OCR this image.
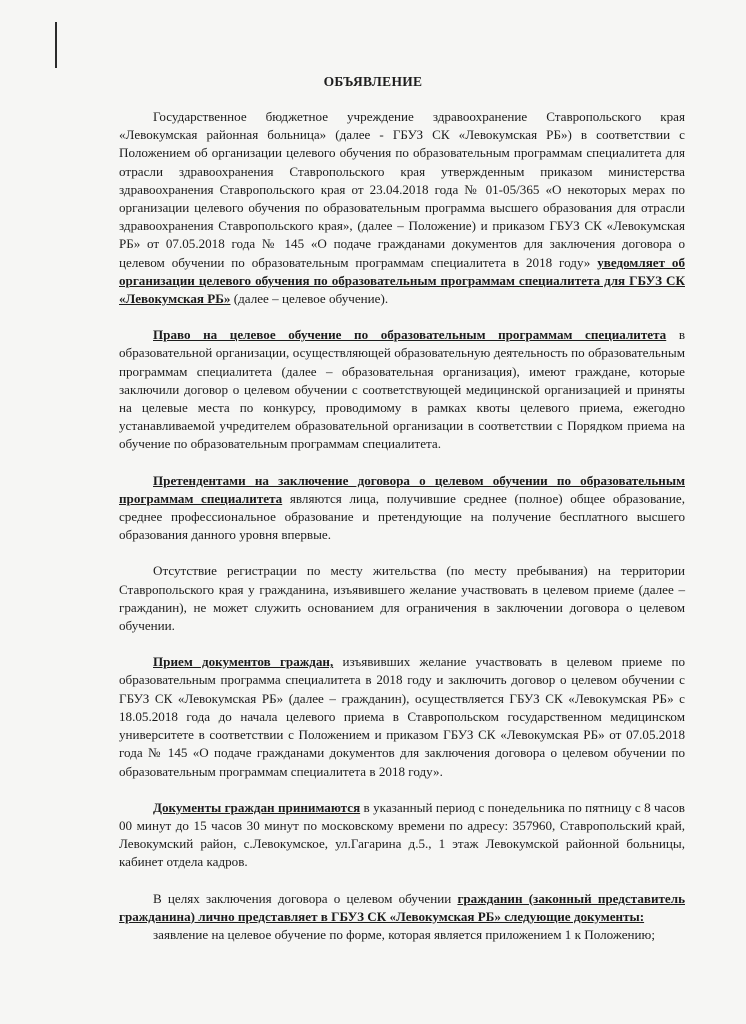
ОБЪЯВЛЕНИЕ

Государственное бюджетное учреждение здравоохранение Ставропольского края «Левокумская районная больница» (далее - ГБУЗ СК «Левокумская РБ») в соответствии с Положением об организации целевого обучения по образовательным программам специалитета для отрасли здравоохранения Ставропольского края утвержденным приказом министерства здравоохранения Ставропольского края от 23.04.2018 года № 01-05/365 «О некоторых мерах по организации целевого обучения по образовательным программа высшего образования для отрасли здравоохранения Ставропольского края», (далее – Положение) и приказом ГБУЗ СК «Левокумская РБ» от 07.05.2018 года № 145 «О подаче гражданами документов для заключения договора о целевом обучении по образовательным программам специалитета в 2018 году» уведомляет об организации целевого обучения по образовательным программам специалитета для ГБУЗ СК «Левокумская РБ» (далее – целевое обучение).

Право на целевое обучение по образовательным программам специалитета в образовательной организации, осуществляющей образовательную деятельность по образовательным программам специалитета (далее – образовательная организация), имеют граждане, которые заключили договор о целевом обучении с соответствующей медицинской организацией и приняты на целевые места по конкурсу, проводимому в рамках квоты целевого приема, ежегодно устанавливаемой учредителем образовательной организации в соответствии с Порядком приема на обучение по образовательным программам специалитета.

Претендентами на заключение договора о целевом обучении по образовательным программам специалитета являются лица, получившие среднее (полное) общее образование, среднее профессиональное образование и претендующие на получение бесплатного высшего образования данного уровня впервые.

Отсутствие регистрации по месту жительства (по месту пребывания) на территории Ставропольского края у гражданина, изъявившего желание участвовать в целевом приеме (далее – гражданин), не может служить основанием для ограничения в заключении договора о целевом обучении.

Прием документов граждан, изъявивших желание участвовать в целевом приеме по образовательным программа специалитета в 2018 году и заключить договор о целевом обучении с ГБУЗ СК «Левокумская РБ» (далее – гражданин), осуществляется ГБУЗ СК «Левокумская РБ» с 18.05.2018 года до начала целевого приема в Ставропольском государственном медицинском университете в соответствии с Положением и приказом ГБУЗ СК «Левокумская РБ» от 07.05.2018 года № 145 «О подаче гражданами документов для заключения договора о целевом обучении по образовательным программам специалитета в 2018 году».

Документы граждан принимаются в указанный период с понедельника по пятницу с 8 часов 00 минут до 15 часов 30 минут по московскому времени по адресу: 357960, Ставропольский край, Левокумский район, с.Левокумское, ул.Гагарина д.5., 1 этаж Левокумской районной больницы, кабинет отдела кадров.

В целях заключения договора о целевом обучении гражданин (законный представитель гражданина) лично представляет в ГБУЗ СК «Левокумская РБ» следующие документы:

заявление на целевое обучение по форме, которая является приложением 1 к Положению;
